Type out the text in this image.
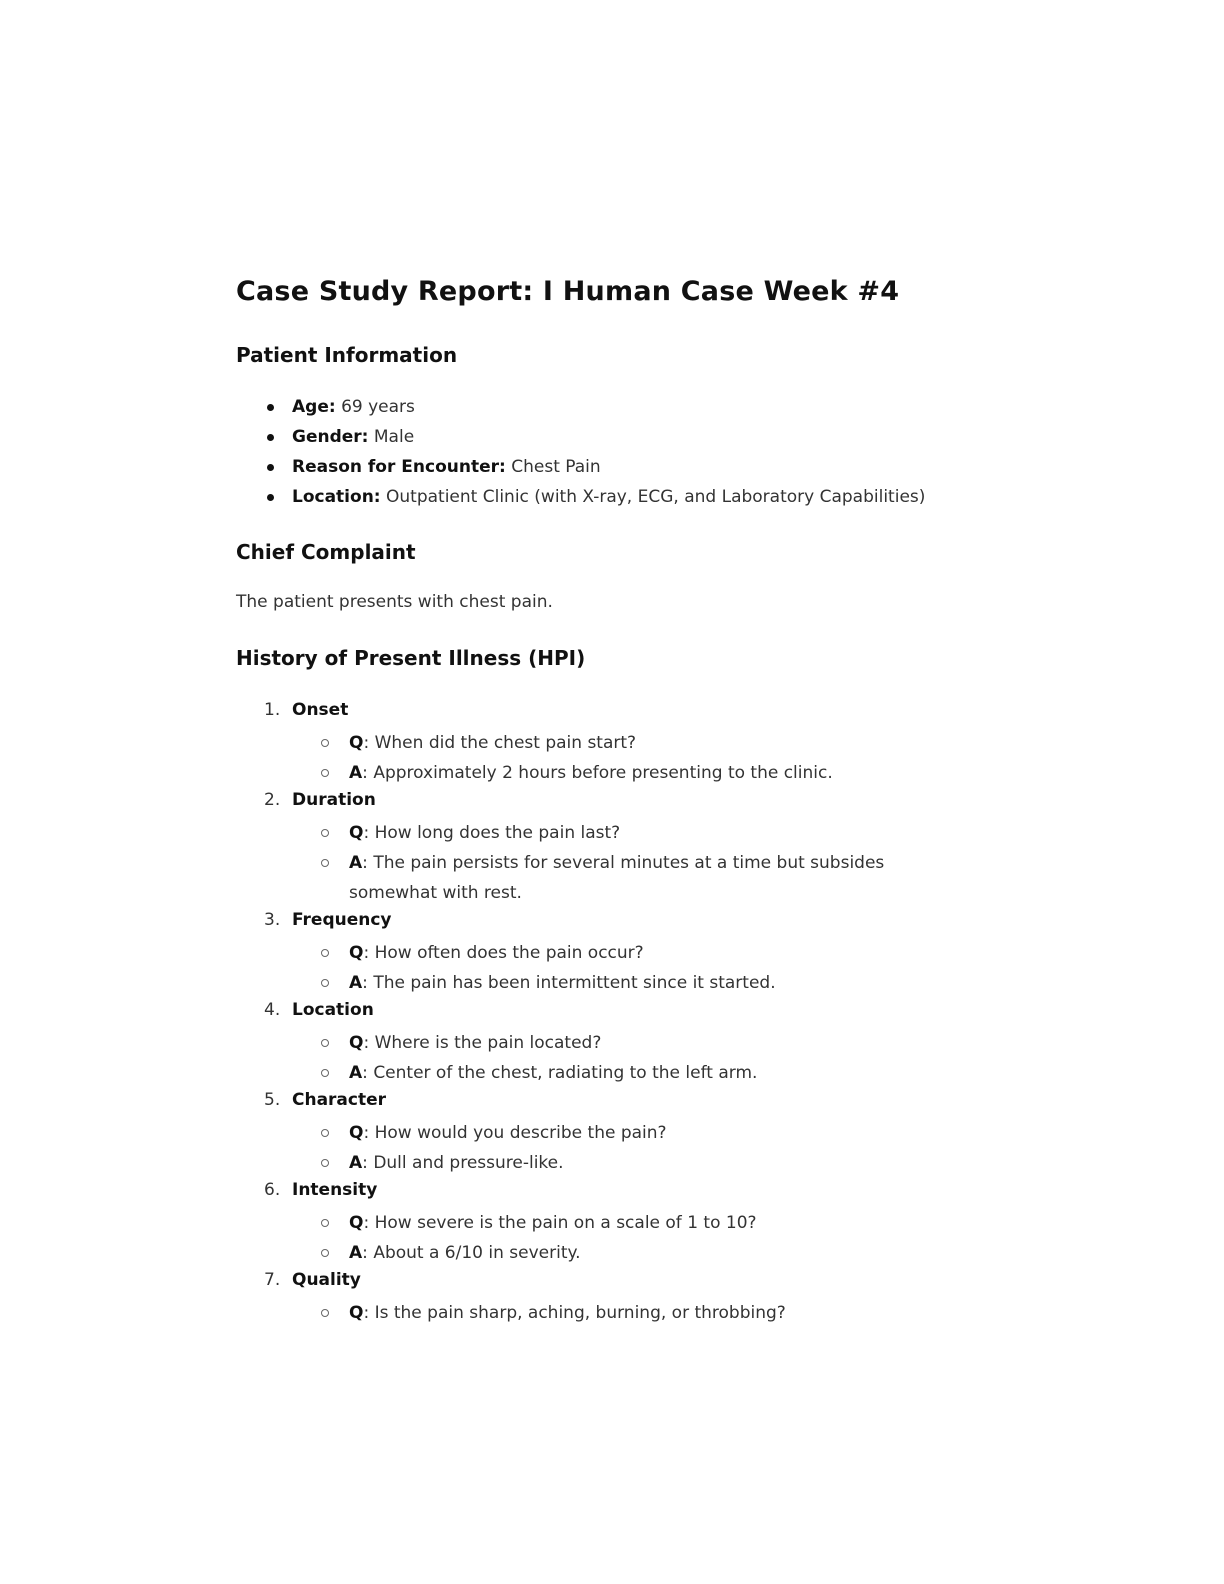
Case Study Report: I Human Case Week #4
Patient Information
Age: 69 years
Gender: Male
Reason for Encounter: Chest Pain
Location: Outpatient Clinic (with X-ray, ECG, and Laboratory Capabilities)
Chief Complaint

The patient presents with chest pain.

History of Present Illness (HPI)
1. Onset
Q: When did the chest pain start?
A: Approximately 2 hours before presenting to the clinic.
2. Duration
Q: How long does the pain last?
A: The pain persists for several minutes at a time but subsides somewhat with rest.
3. Frequency
Q: How often does the pain occur?
A: The pain has been intermittent since it started.
4. Location
Q: Where is the pain located?
A: Center of the chest, radiating to the left arm.
5. Character
Q: How would you describe the pain?
A: Dull and pressure-like.
6. Intensity
Q: How severe is the pain on a scale of 1 to 10?
A: About a 6/10 in severity.
7. Quality
Q: Is the pain sharp, aching, burning, or throbbing?
